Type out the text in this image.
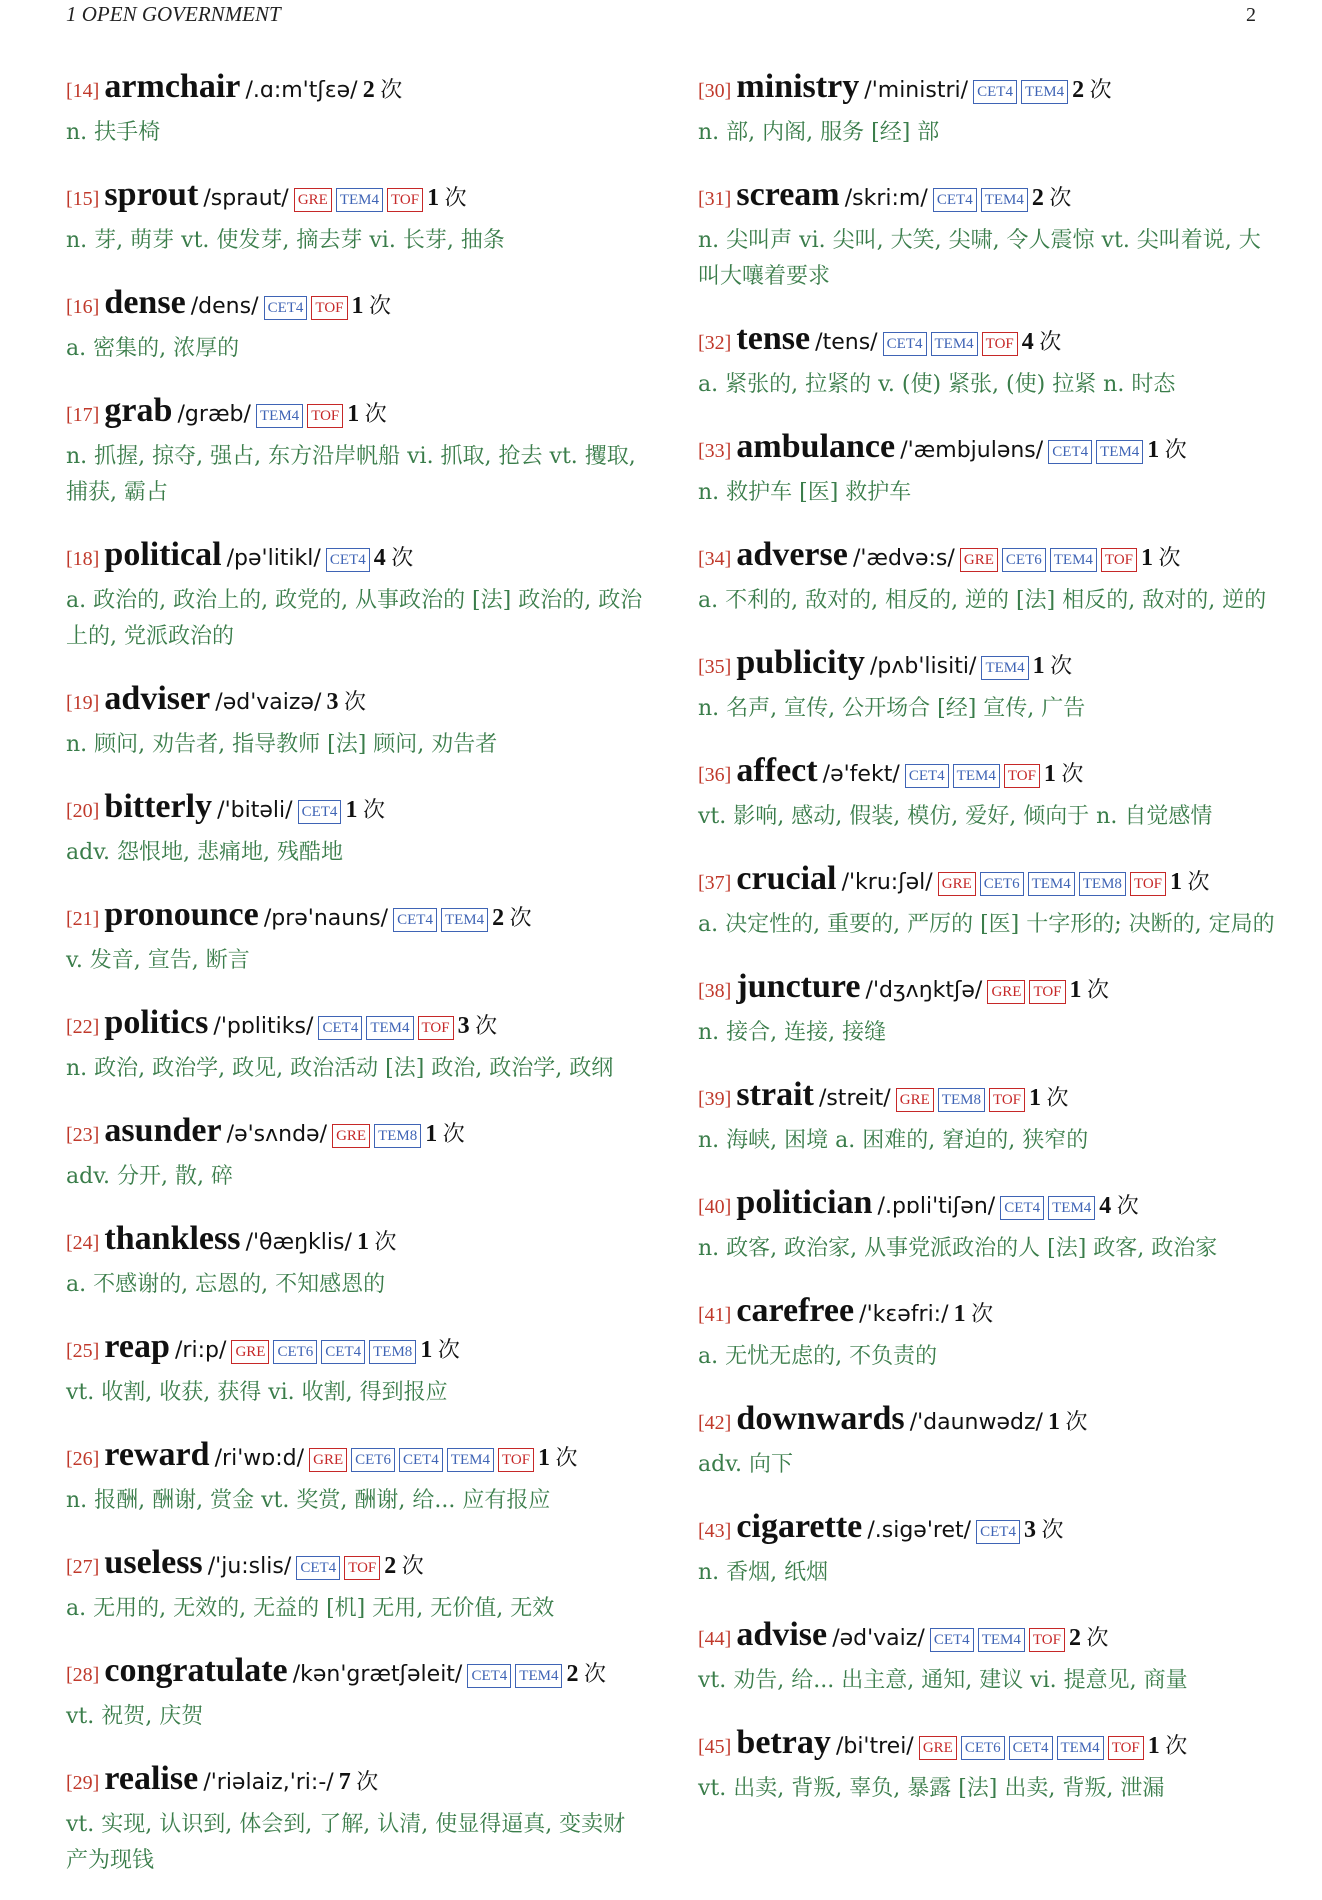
1 OPEN GOVERNMENT	2
[14] armchair /.ɑ:m'tʃɛə/ 2 次
n. 扶手椅
[15] sprout /spraut/ GRE TEM4 TOF 1 次
n. 芽, 萌芽 vt. 使发芽, 摘去芽 vi. 长芽, 抽条
[16] dense /dens/ CET4 TOF 1 次
a. 密集的, 浓厚的
[17] grab /græb/ TEM4 TOF 1 次
n. 抓握, 掠夺, 强占, 东方沿岸帆船 vi. 抓取, 抢去 vt. 攫取, 捕获, 霸占
[18] political /pə'litikl/ CET4 4 次
a. 政治的, 政治上的, 政党的, 从事政治的 [法] 政治的, 政治上的, 党派政治的
[19] adviser /əd'vaizə/ 3 次
n. 顾问, 劝告者, 指导教师 [法] 顾问, 劝告者
[20] bitterly /'bitəli/ CET4 1 次
adv. 怨恨地, 悲痛地, 残酷地
[21] pronounce /prə'nauns/ CET4 TEM4 2 次
v. 发音, 宣告, 断言
[22] politics /'pɒlitiks/ CET4 TEM4 TOF 3 次
n. 政治, 政治学, 政见, 政治活动 [法] 政治, 政治学, 政纲
[23] asunder /ə'sʌndə/ GRE TEM8 1 次
adv. 分开, 散, 碎
[24] thankless /'θæŋklis/ 1 次
a. 不感谢的, 忘恩的, 不知感恩的
[25] reap /ri:p/ GRE CET6 CET4 TEM8 1 次
vt. 收割, 收获, 获得 vi. 收割, 得到报应
[26] reward /ri'wɒ:d/ GRE CET6 CET4 TEM4 TOF 1 次
n. 报酬, 酬谢, 赏金 vt. 奖赏, 酬谢, 给... 应有报应
[27] useless /'ju:slis/ CET4 TOF 2 次
a. 无用的, 无效的, 无益的 [机] 无用, 无价值, 无效
[28] congratulate /kən'grætʃəleit/ CET4 TEM4 2 次
vt. 祝贺, 庆贺
[29] realise /'riəlaiz,'ri:-/ 7 次
vt. 实现, 认识到, 体会到, 了解, 认清, 使显得逼真, 变卖财产为现钱
[30] ministry /'ministri/ CET4 TEM4 2 次
n. 部, 内阁, 服务 [经] 部
[31] scream /skri:m/ CET4 TEM4 2 次
n. 尖叫声 vi. 尖叫, 大笑, 尖啸, 令人震惊 vt. 尖叫着说, 大叫大嚷着要求
[32] tense /tens/ CET4 TEM4 TOF 4 次
a. 紧张的, 拉紧的 v. (使) 紧张, (使) 拉紧 n. 时态
[33] ambulance /'æmbjuləns/ CET4 TEM4 1 次
n. 救护车 [医] 救护车
[34] adverse /'ædvə:s/ GRE CET6 TEM4 TOF 1 次
a. 不利的, 敌对的, 相反的, 逆的 [法] 相反的, 敌对的, 逆的
[35] publicity /pʌb'lisiti/ TEM4 1 次
n. 名声, 宣传, 公开场合 [经] 宣传, 广告
[36] affect /ə'fekt/ CET4 TEM4 TOF 1 次
vt. 影响, 感动, 假装, 模仿, 爱好, 倾向于 n. 自觉感情
[37] crucial /'kru:ʃəl/ GRE CET6 TEM4 TEM8 TOF 1 次
a. 决定性的, 重要的, 严厉的 [医] 十字形的; 决断的, 定局的
[38] juncture /'dʒʌŋktʃə/ GRE TOF 1 次
n. 接合, 连接, 接缝
[39] strait /streit/ GRE TEM8 TOF 1 次
n. 海峡, 困境 a. 困难的, 窘迫的, 狭窄的
[40] politician /.pɒli'tiʃən/ CET4 TEM4 4 次
n. 政客, 政治家, 从事党派政治的人 [法] 政客, 政治家
[41] carefree /'kɛəfri:/ 1 次
a. 无忧无虑的, 不负责的
[42] downwards /'daunwədz/ 1 次
adv. 向下
[43] cigarette /.sigə'ret/ CET4 3 次
n. 香烟, 纸烟
[44] advise /əd'vaiz/ CET4 TEM4 TOF 2 次
vt. 劝告, 给... 出主意, 通知, 建议 vi. 提意见, 商量
[45] betray /bi'trei/ GRE CET6 CET4 TEM4 TOF 1 次
vt. 出卖, 背叛, 辜负, 暴露 [法] 出卖, 背叛, 泄漏
